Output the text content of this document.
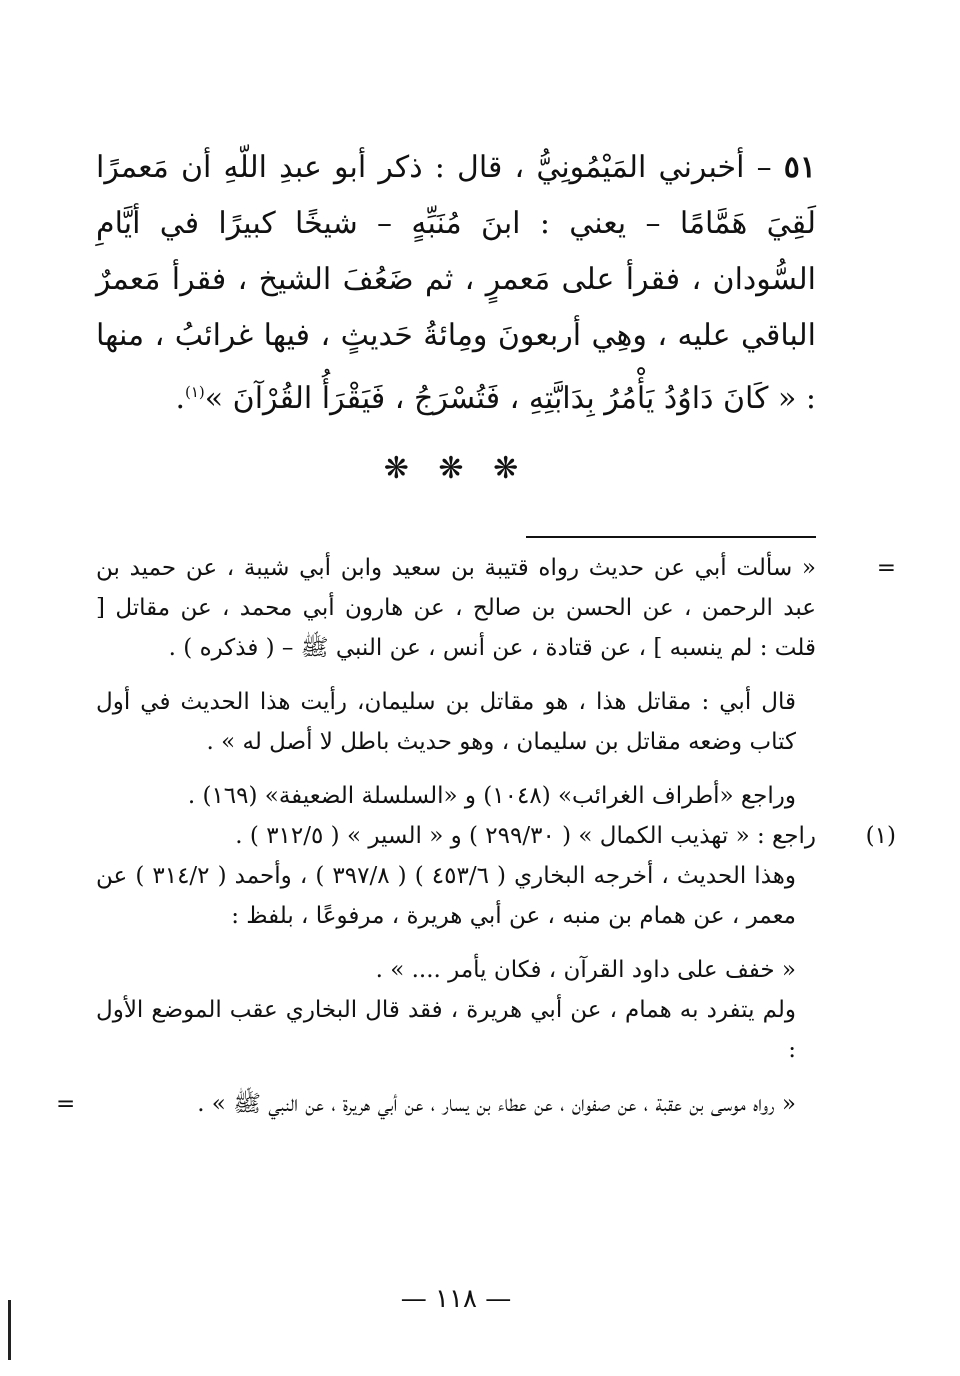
٥١ – أخبرني المَيْمُونِيُّ ، قال : ذكر أبو عبدِ اللّهِ أن مَعمرًا لَقِيَ هَمَّامًا – يعني : ابنَ مُنَبِّهٍ – شيخًا كبيرًا في أيَّامِ السُّودان ، فقرأ على مَعمرٍ ، ثم ضَعُفَ الشيخ ، فقرأ مَعمرٌ الباقي عليه ، وهِي أربعونَ ومِائةُ حَديثٍ ، فيها غرائبُ ، منها : « كَانَ دَاوُدُ يَأْمُرُ بِدَابَّتِهِ ، فَتُسْرَجُ ، فَيَقْرَأُ القُرْآنَ »$^{(١)}$.

❋ ❋ ❋
=

« سألت أبي عن حديث رواه قتيبة بن سعيد وابن أبي شيبة ، عن حميد بن عبد الرحمن ، عن الحسن بن صالح ، عن هارون أبي محمد ، عن مقاتل [ قلت : لم ينسبه ] ، عن قتادة ، عن أنس ، عن النبي ﷺ – ( فذكره ) .

قال أبي : مقاتل هذا ، هو مقاتل بن سليمان، رأيت هذا الحديث في أول كتاب وضعه مقاتل بن سليمان ، وهو حديث باطل لا أصل له » .

وراجع «أطراف الغرائب» (١٠٤٨) و «السلسلة الضعيفة» (١٦٩) .

(١)

راجع : « تهذيب الكمال » ( ٢٩٩/٣٠ ) و « السير » ( ٣١٢/٥ ) .

وهذا الحديث ، أخرجه البخاري ( ٤٥٣/٦ ) ( ٣٩٧/٨ ) ، وأحمد ( ٣١٤/٢ ) عن معمر ، عن همام بن منبه ، عن أبي هريرة ، مرفوعًا ، بلفظ :

« خفف على داود القرآن ، فكان يأمر .... » .

ولم يتفرد به همام ، عن أبي هريرة ، فقد قال البخاري عقب الموضع الأول :

« رواه موسى بن عقبة ، عن صفوان ، عن عطاء بن يسار ، عن أبي هريرة ، عن النبي ﷺ » .

=
— ١١٨ —
